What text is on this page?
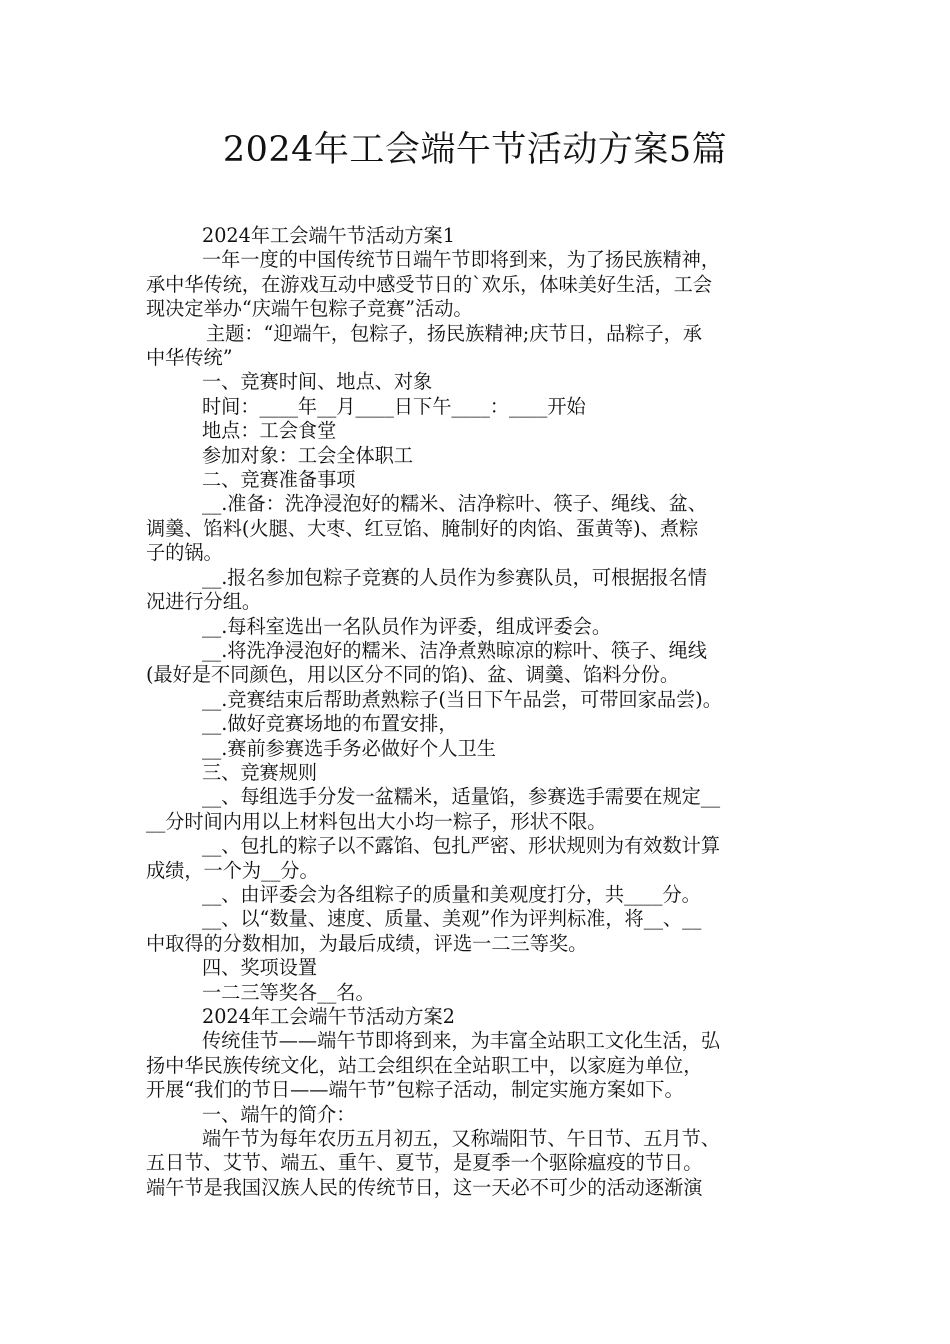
2024年工会端午节活动方案5篇

2024年工会端午节活动方案1

一年一度的中国传统节日端午节即将到来，为了扬民族精神，

承中华传统，在游戏互动中感受节日的`欢乐，体味美好生活，工会

现决定举办“庆端午包粽子竞赛”活动。

主题：“迎端午，包粽子，扬民族精神;庆节日，品粽子，承

中华传统”

一、竞赛时间、地点、对象

时间：____年__月____日下午____：____开始

地点：工会食堂

参加对象：工会全体职工

二、竞赛准备事项

__.准备：洗净浸泡好的糯米、洁净粽叶、筷子、绳线、盆、

调羹、馅料(火腿、大枣、红豆馅、腌制好的肉馅、蛋黄等)、煮粽

子的锅。

__.报名参加包粽子竞赛的人员作为参赛队员，可根据报名情

况进行分组。

__.每科室选出一名队员作为评委，组成评委会。

__.将洗净浸泡好的糯米、洁净煮熟晾凉的粽叶、筷子、绳线

(最好是不同颜色，用以区分不同的馅)、盆、调羹、馅料分份。

__.竞赛结束后帮助煮熟粽子(当日下午品尝，可带回家品尝)。

__.做好竞赛场地的布置安排，

__.赛前参赛选手务必做好个人卫生

三、竞赛规则

__、每组选手分发一盆糯米，适量馅，参赛选手需要在规定__

__分时间内用以上材料包出大小均一粽子，形状不限。

__、包扎的粽子以不露馅、包扎严密、形状规则为有效数计算

成绩，一个为__分。

__、由评委会为各组粽子的质量和美观度打分，共____分。

__、以“数量、速度、质量、美观”作为评判标准，将__、__

中取得的分数相加，为最后成绩，评选一二三等奖。

四、奖项设置

一二三等奖各__名。

2024年工会端午节活动方案2

传统佳节——端午节即将到来，为丰富全站职工文化生活，弘

扬中华民族传统文化，站工会组织在全站职工中，以家庭为单位，

开展“我们的节日——端午节”包粽子活动，制定实施方案如下。

一、端午的简介：

端午节为每年农历五月初五，又称端阳节、午日节、五月节、

五日节、艾节、端五、重午、夏节，是夏季一个驱除瘟疫的节日。

端午节是我国汉族人民的传统节日，这一天必不可少的活动逐渐演
